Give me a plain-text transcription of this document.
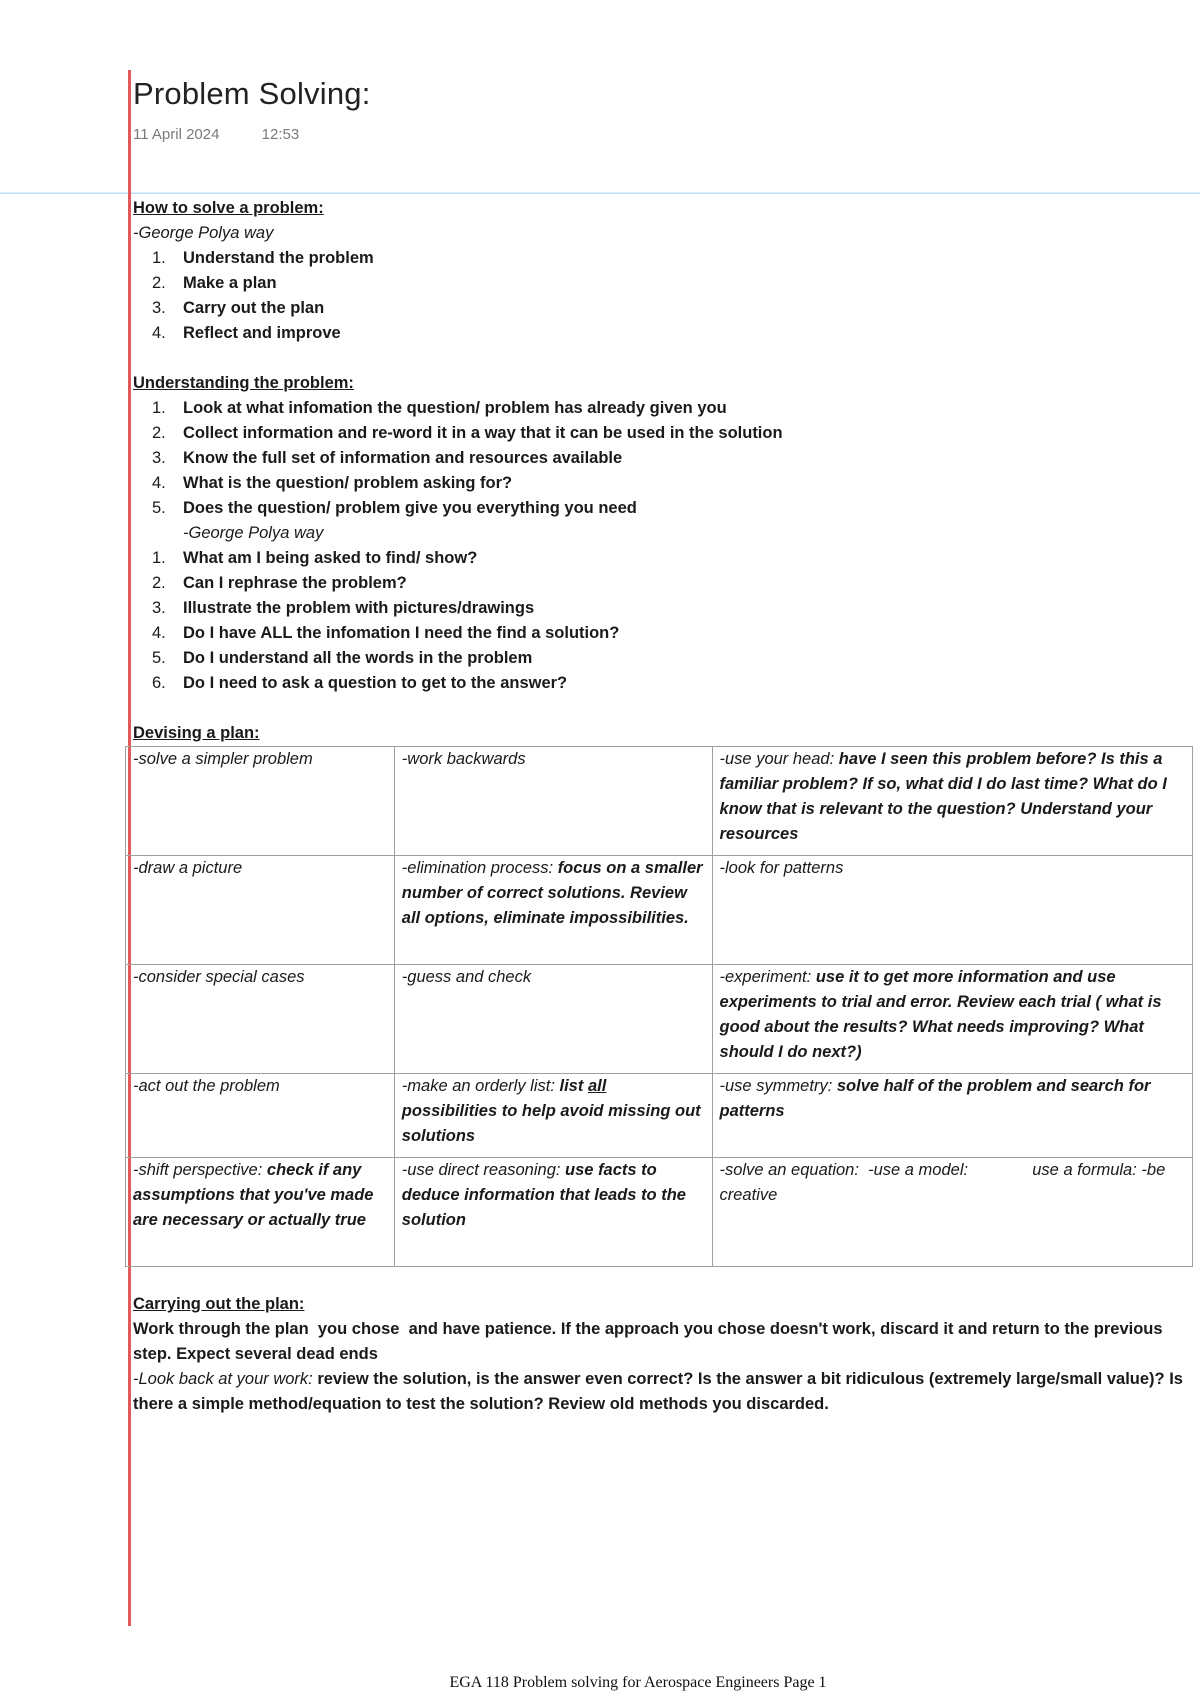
Problem Solving:
11 April 2024	12:53
How to solve a problem:
-George Polya way
1.	Understand the problem
2.	Make a plan
3.	Carry out the plan
4.	Reflect and improve
Understanding the problem:
1.	Look at what infomation the question/ problem has already given you
2.	Collect information and re-word it in a way that it can be used in the solution
3.	Know the full set of information and resources available
4.	What is the question/ problem asking for?
5.	Does the question/ problem give you everything you need
-George Polya way
1.	What am I being asked to find/ show?
2.	Can I rephrase the problem?
3.	Illustrate the problem with pictures/drawings
4.	Do I have ALL the infomation I need the find a solution?
5.	Do I understand all the words in the problem
6.	Do I need to ask a question to get to the answer?
Devising a plan:
-solve a simpler problem	-work backwards	-use your head: have I seen this problem before? Is this a familiar problem? If so, what did I do last time? What do I know that is relevant to the question? Understand your resources
-draw a picture	-elimination process: focus on a smaller number of correct solutions. Review all options, eliminate impossibilities.	-look for patterns
-consider special cases	-guess and check	-experiment: use it to get more information and use experiments to trial and error. Review each trial ( what is good about the results? What needs improving? What should I do next?)
-act out the problem	-make an orderly list: list all possibilities to help avoid missing out solutions	-use symmetry: solve half of the problem and search for patterns
-shift perspective: check if any assumptions that you've made are necessary or actually true	-use direct reasoning: use facts to deduce information that leads to the solution	-solve an equation:  -use a model:              use a formula: -be creative
Carrying out the plan:
Work through the plan  you chose  and have patience. If the approach you chose doesn't work, discard it and return to the previous step. Expect several dead ends
-Look back at your work: review the solution, is the answer even correct? Is the answer a bit ridiculous (extremely large/small value)? Is there a simple method/equation to test the solution? Review old methods you discarded.
EGA 118 Problem solving for Aerospace Engineers Page 1
